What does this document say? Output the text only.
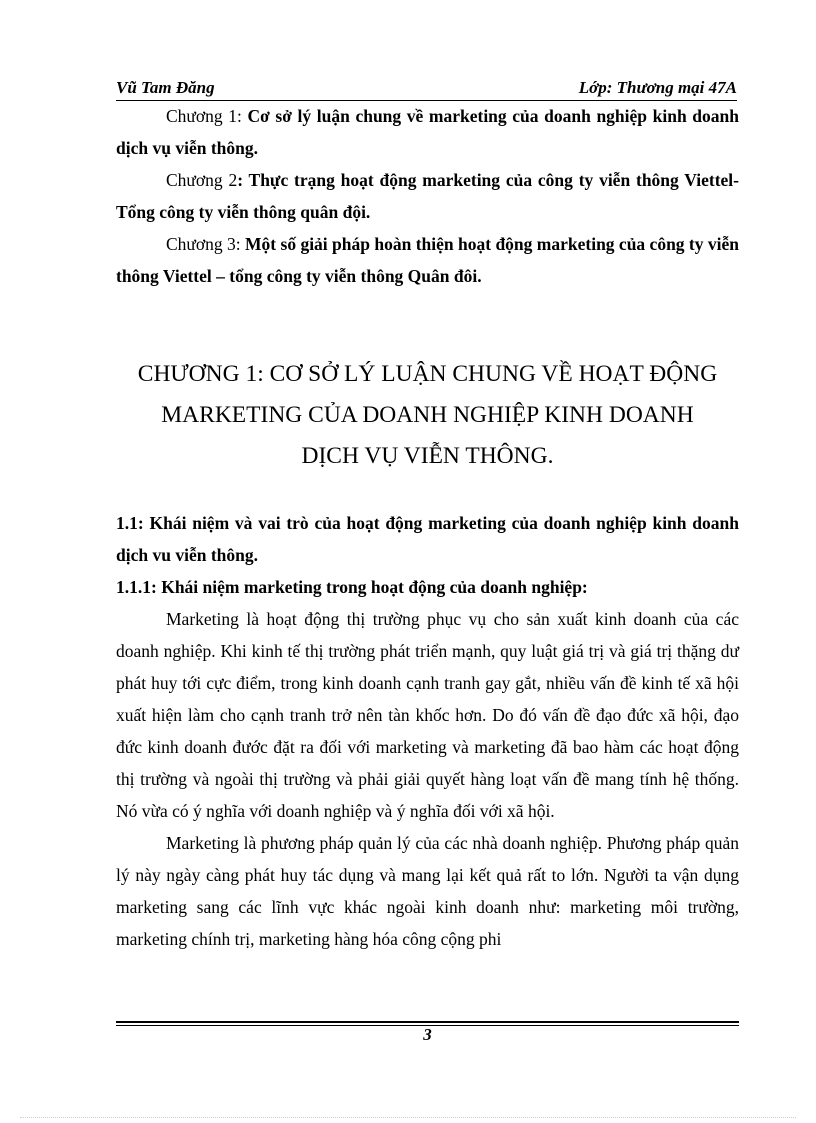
Vũ Tam Đăng	Lớp: Thương mại 47A

Chương 1: Cơ sở lý luận chung về marketing của doanh nghiệp kinh doanh dịch vụ viễn thông.

Chương 2: Thực trạng hoạt động marketing của công ty viễn thông Viettel- Tổng công ty viễn thông quân đội.

Chương 3: Một số giải pháp hoàn thiện hoạt động marketing của công ty viễn thông Viettel – tổng công ty viễn thông Quân đôi.

CHƯƠNG 1: CƠ SỞ LÝ LUẬN CHUNG VỀ HOẠT ĐỘNG
MARKETING CỦA DOANH NGHIỆP KINH DOANH
DỊCH VỤ VIỄN THÔNG.

1.1: Khái niệm và vai trò của hoạt động marketing của doanh nghiệp kinh doanh dịch vu viễn thông.

1.1.1: Khái niệm marketing trong hoạt động của doanh nghiệp:

Marketing là hoạt động thị trường phục vụ cho sản xuất kinh doanh của các doanh nghiệp. Khi kinh tế thị trường phát triển mạnh, quy luật giá trị và giá trị thặng dư phát huy tới cực điểm, trong kinh doanh cạnh tranh gay gắt, nhiều vấn đề kinh tế xã hội xuất hiện làm cho cạnh tranh trở nên tàn khốc hơn. Do đó vấn đề đạo đức xã hội, đạo đức kinh doanh đước đặt ra đối với marketing và marketing đã bao hàm các hoạt động thị trường và ngoài thị trường và phải giải quyết hàng loạt vấn đề mang tính hệ thống. Nó vừa có ý nghĩa với doanh nghiệp và ý nghĩa đối với xã hội.

Marketing là phương pháp quản lý của các nhà doanh nghiệp. Phương pháp quản lý này ngày càng phát huy tác dụng và mang lại kết quả rất to lớn. Người ta vận dụng marketing sang các lĩnh vực khác ngoài kinh doanh như: marketing môi trường, marketing chính trị, marketing hàng hóa công cộng phi

3
